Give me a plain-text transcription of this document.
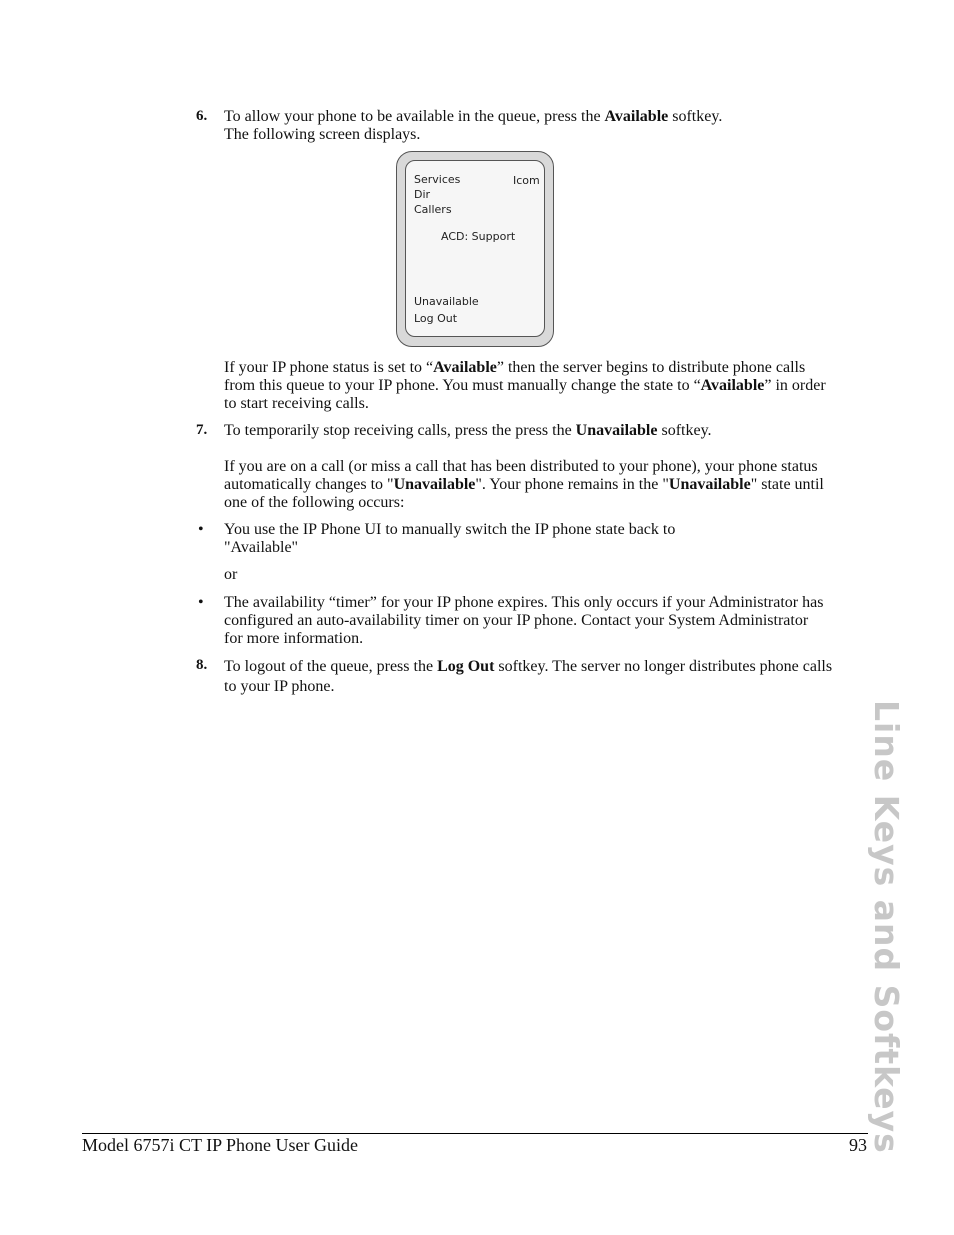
6. To allow your phone to be available in the queue, press the Available softkey.
The following screen displays.

Services
Dir
Callers
Icom
ACD: Support
Unavailable
Log Out

If your IP phone status is set to “Available” then the server begins to distribute phone calls
from this queue to your IP phone. You must manually change the state to “Available” in order
to start receiving calls.

7. To temporarily stop receiving calls, press the press the Unavailable softkey.

If you are on a call (or miss a call that has been distributed to your phone), your phone status
automatically changes to "Unavailable". Your phone remains in the "Unavailable" state until
one of the following occurs:

• You use the IP Phone UI to manually switch the IP phone state back to
"Available"

or

• The availability “timer” for your IP phone expires. This only occurs if your Administrator has
configured an auto-availability timer on your IP phone. Contact your System Administrator
for more information.

8. To logout of the queue, press the Log Out softkey. The server no longer distributes phone calls
to your IP phone.

Line Keys and Softkeys
Model 6757i CT IP Phone User Guide	93
